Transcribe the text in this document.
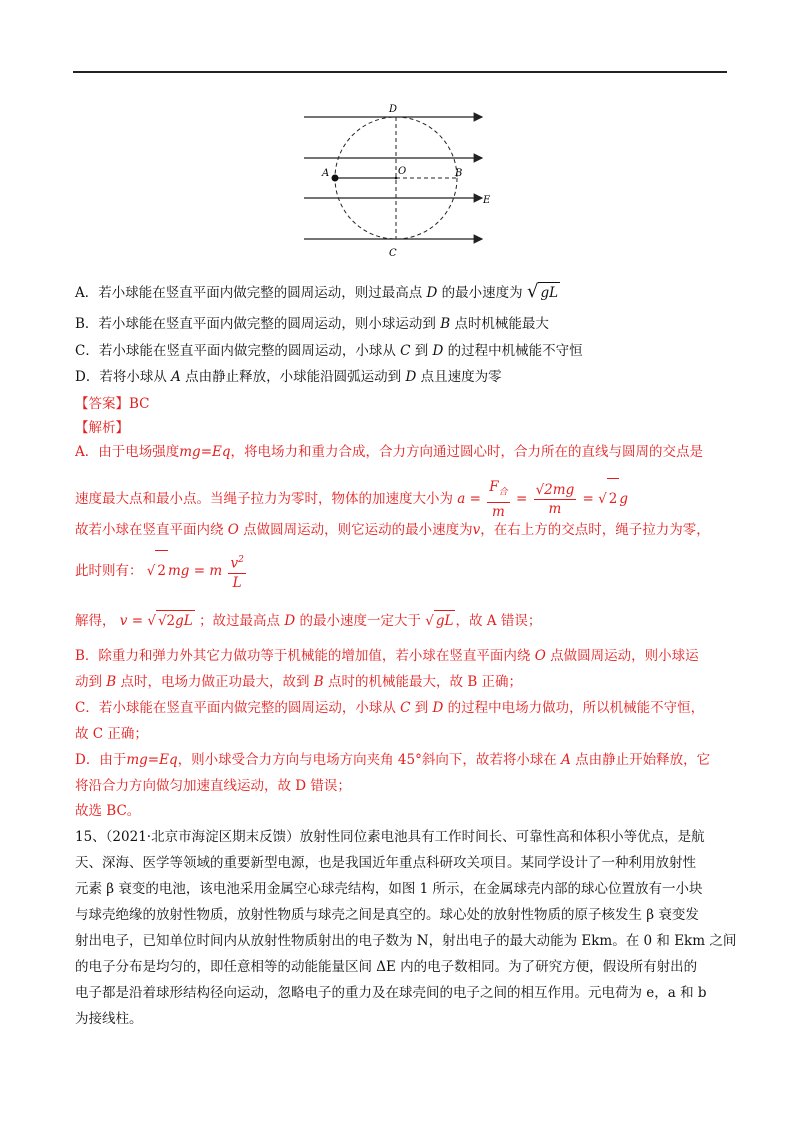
D
O
A	B
E
C
A．若小球能在竖直平面内做完整的圆周运动，则过最高点 D 的最小速度为 √ gL
B．若小球能在竖直平面内做完整的圆周运动，则小球运动到 B 点时机械能最大
C．若小球能在竖直平面内做完整的圆周运动，小球从 C 到 D 的过程中机械能不守恒
D．若将小球从 A 点由静止释放，小球能沿圆弧运动到 D 点且速度为零
【答案】BC
【解析】
A．由于电场强度mg=Eq，将电场力和重力合成，合力方向通过圆心时，合力所在的直线与圆周的交点是
速度最大点和最小点。当绳子拉力为零时，物体的加速度大小为 $a = \frac{F_合}{m} = \frac{√2mg}{m}$ = √ 2 g
故若小球在竖直平面内绕 O 点做圆周运动，则它运动的最小速度为v，在右上方的交点时，绳子拉力为零，
此时则有： √ 2 mg = m $\frac{v^2}{L}$
解得， v = √ √2gL ；故过最高点 D 的最小速度一定大于 √ gL ，故 A 错误；
B．除重力和弹力外其它力做功等于机械能的增加值，若小球在竖直平面内绕 O 点做圆周运动，则小球运
动到 B 点时，电场力做正功最大，故到 B 点时的机械能最大，故 B 正确；
C．若小球能在竖直平面内做完整的圆周运动，小球从 C 到 D 的过程中电场力做功，所以机械能不守恒，
故 C 正确；
D．由于mg=Eq，则小球受合力方向与电场方向夹角 45°斜向下，故若将小球在 A 点由静止开始释放，它
将沿合力方向做匀加速直线运动，故 D 错误；
故选 BC。
15、（2021·北京市海淀区期末反馈）放射性同位素电池具有工作时间长、可靠性高和体积小等优点，是航
天、深海、医学等领域的重要新型电源，也是我国近年重点科研攻关项目。某同学设计了一种利用放射性
元素 β 衰变的电池，该电池采用金属空心球壳结构，如图 1 所示，在金属球壳内部的球心位置放有一小块
与球壳绝缘的放射性物质，放射性物质与球壳之间是真空的。球心处的放射性物质的原子核发生 β 衰变发
射出电子，已知单位时间内从放射性物质射出的电子数为 N，射出电子的最大动能为 Ekm。在 0 和 Ekm 之间
的电子分布是均匀的，即任意相等的动能能量区间 ΔE 内的电子数相同。为了研究方便，假设所有射出的
电子都是沿着球形结构径向运动，忽略电子的重力及在球壳间的电子之间的相互作用。元电荷为 e，a 和 b
为接线柱。
